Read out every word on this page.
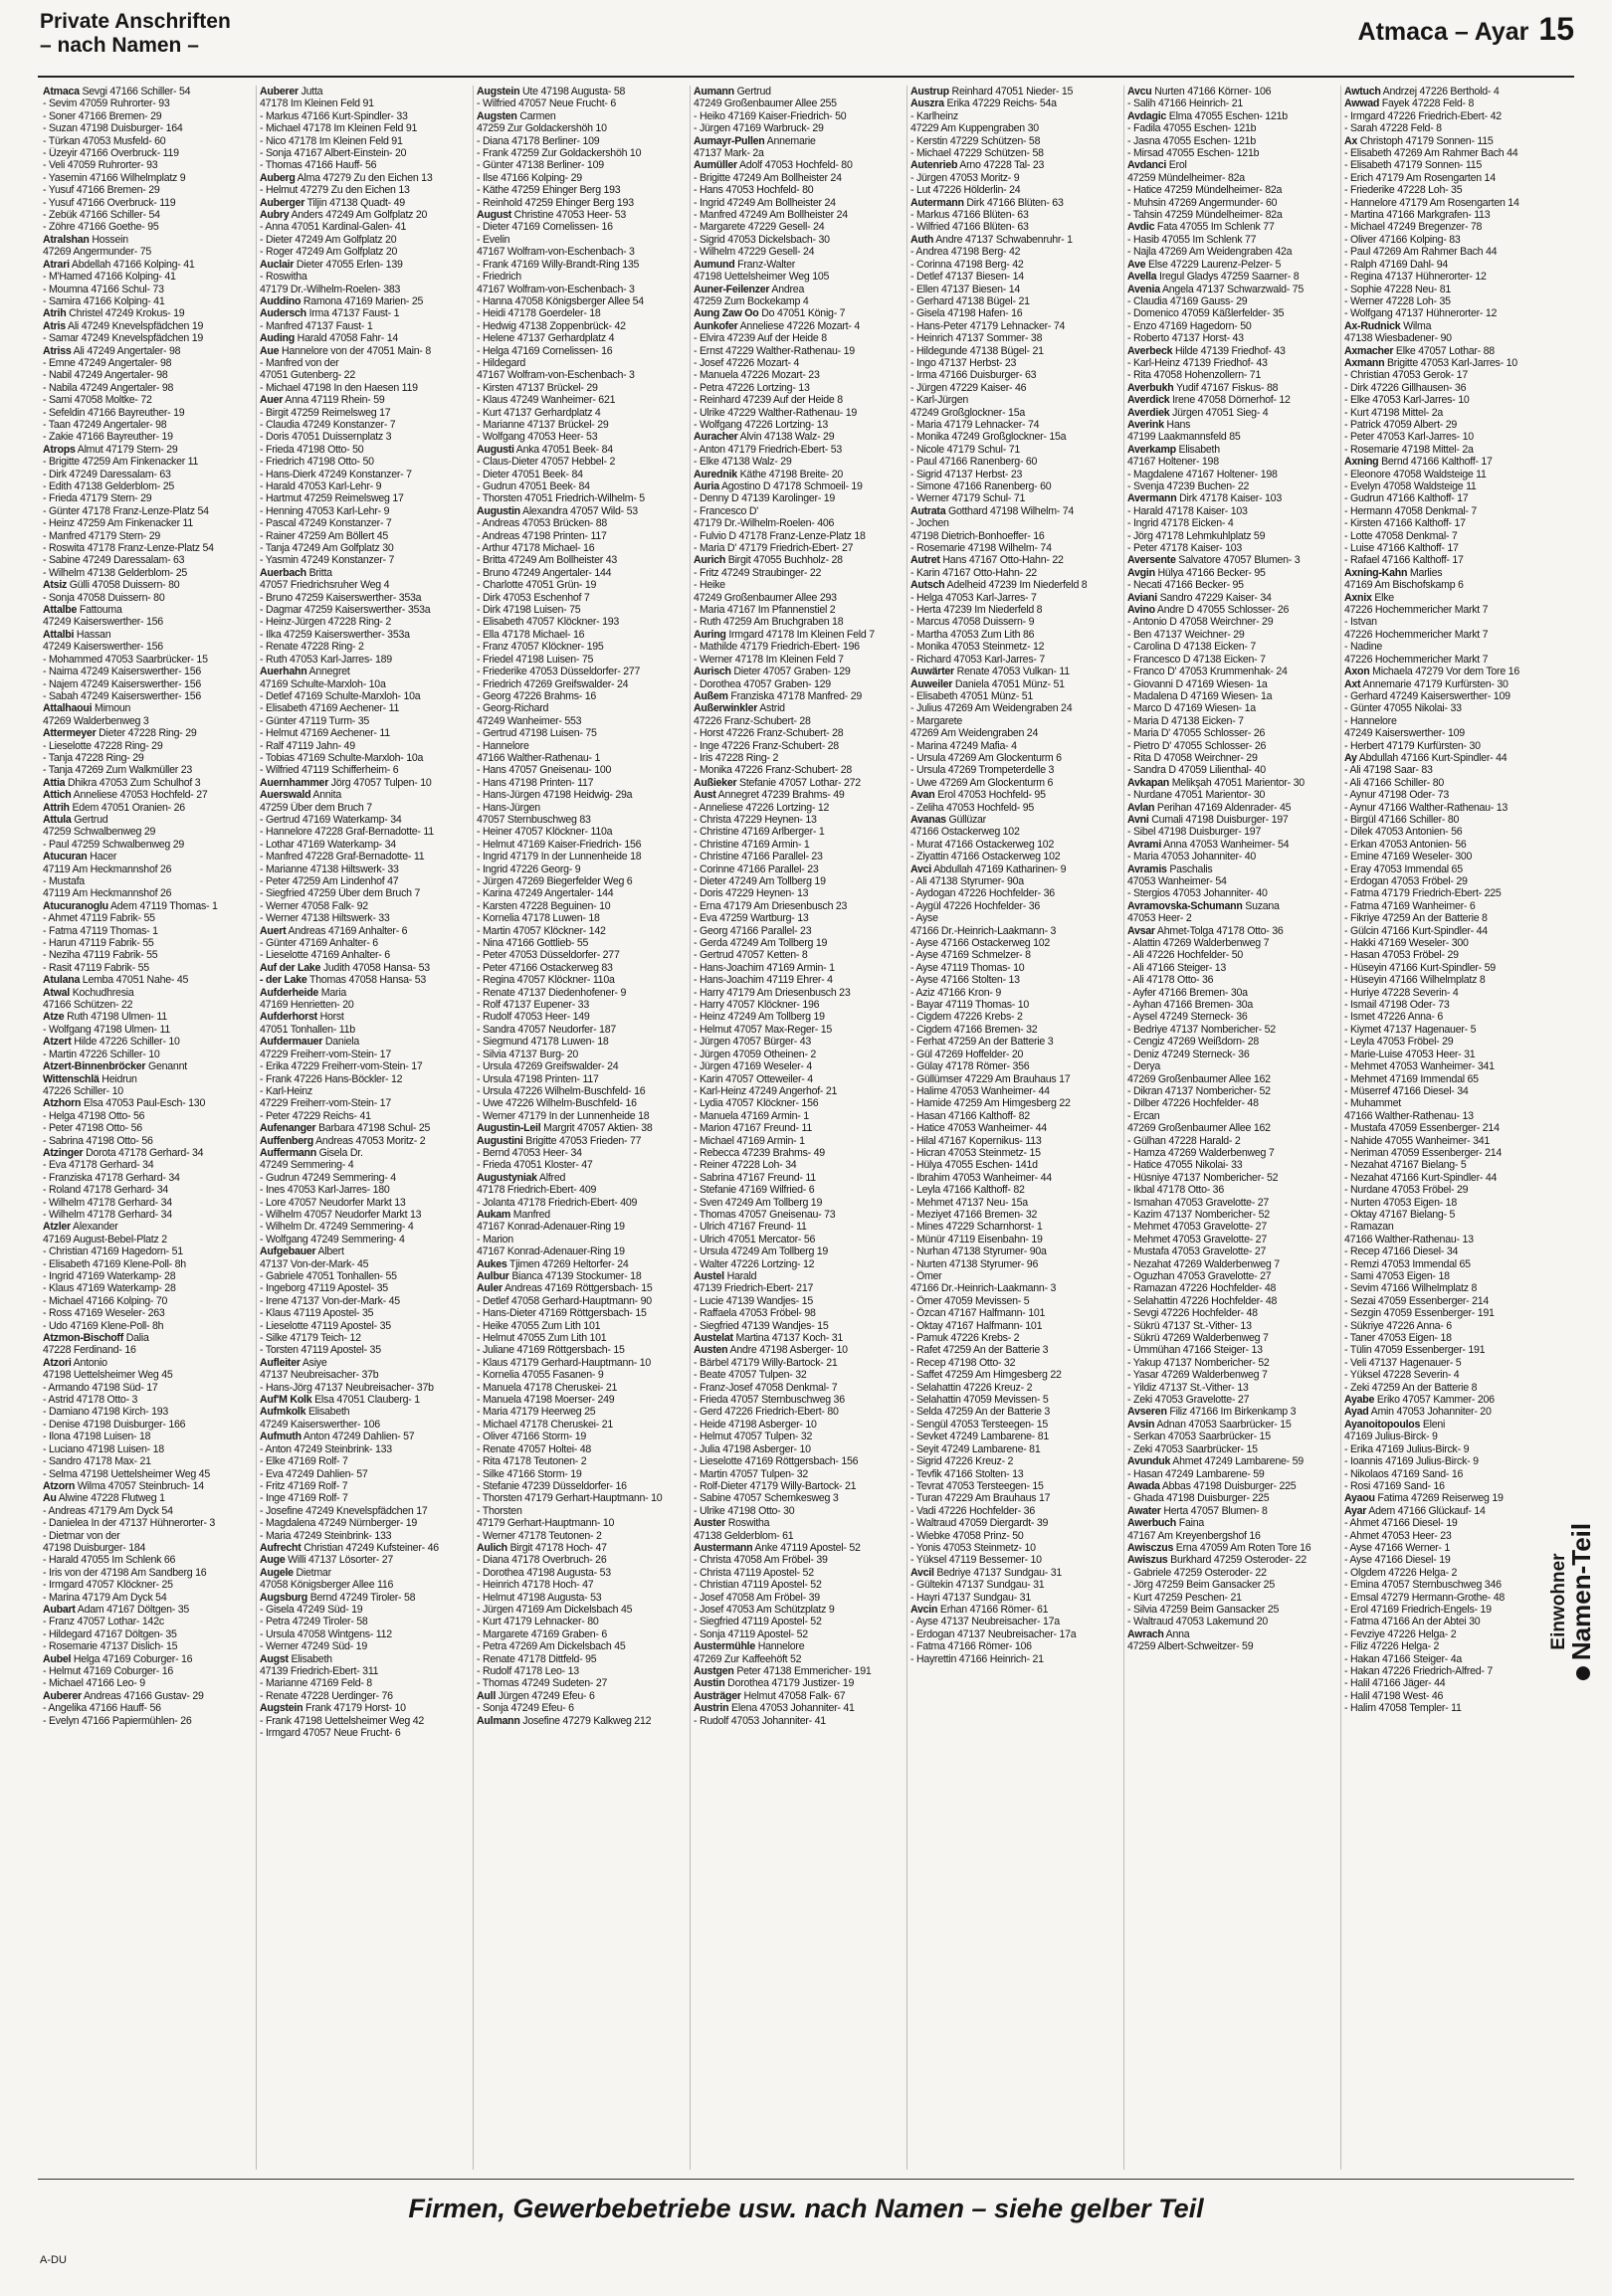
Private Anschriften
– nach Namen –	Atmaca – Ayar 15
Atmaca Sevgi 47166 Schiller- 54
- Sevim 47059 Ruhrorter- 93
- Soner 47166 Bremen- 29
- Suzan 47198 Duisburger- 164
- Türkan 47053 Musfeld- 60
- Üzeyir 47166 Overbruck- 119
- Veli 47059 Ruhrorter- 93
- Yasemin 47166 Wilhelmplatz 9
- Yusuf 47166 Bremen- 29
- Yusuf 47166 Overbruck- 119
- Zebük 47166 Schiller- 54
- Zöhre 47166 Goethe- 95
Atralshan Hossein
47269 Angermunder- 75
Atrari Abdellah 47166 Kolping- 41
- M'Hamed 47166 Kolping- 41
- Moumna 47166 Schul- 73
- Samira 47166 Kolping- 41
Atrih Christel 47249 Krokus- 19
Atris Ali 47249 Knevelspfädchen 19
- Samar 47249 Knevelspfädchen 19
Atriss Ali 47249 Angertaler- 98
- Emne 47249 Angertaler- 98
- Nabil 47249 Angertaler- 98
- Nabila 47249 Angertaler- 98
- Sami 47058 Moltke- 72
- Sefeldin 47166 Bayreuther- 19
- Taan 47249 Angertaler- 98
- Zakie 47166 Bayreuther- 19
Atrops Almut 47179 Stern- 29
- Brigitte 47259 Am Finkenacker 11
- Dirk 47249 Daressalam- 63
- Edith 47138 Gelderblom- 25
- Frieda 47179 Stern- 29
- Günter 47178 Franz-Lenze-Platz 54
- Heinz 47259 Am Finkenacker 11
- Manfred 47179 Stern- 29
- Roswita 47178 Franz-Lenze-Platz 54
- Sabine 47249 Daressalam- 63
- Wilhelm 47138 Gelderblom- 25
Atsiz Gülli 47058 Duissern- 80
- Sonja 47058 Duissern- 80
Attalbe Fattouma
47249 Kaiserswerther- 156
Attalbi Hassan
47249 Kaiserswerther- 156
- Mohammed 47053 Saarbrücker- 15
- Naima 47249 Kaiserswerther- 156
- Najem 47249 Kaiserswerther- 156
- Sabah 47249 Kaiserswerther- 156
Attalhaoui Mimoun
47269 Walderbenweg 3
Attermeyer Dieter 47228 Ring- 29
- Lieselotte 47228 Ring- 29
- Tanja 47228 Ring- 29
- Tanja 47269 Zum Walkmüller 23
Attia Dhikra 47053 Zum Schulhof 3
Attich Anneliese 47053 Hochfeld- 27
Attrih Edem 47051 Oranien- 26
Attula Gertrud
47259 Schwalbenweg 29
- Paul 47259 Schwalbenweg 29
Atucuran Hacer
47119 Am Heckmannshof 26
- Mustafa
47119 Am Heckmannshof 26
Atucuranoglu Adem 47119 Thomas- 1
- Ahmet 47119 Fabrik- 55
- Fatma 47119 Thomas- 1
- Harun 47119 Fabrik- 55
- Neziha 47119 Fabrik- 55
- Rasit 47119 Fabrik- 55
Atulana Lemba 47051 Nahe- 45
Atwal Kochudhresia
47166 Schützen- 22
Atze Ruth 47198 Ulmen- 11
- Wolfgang 47198 Ulmen- 11
Atzert Hilde 47226 Schiller- 10
- Martin 47226 Schiller- 10
Atzert-Binnenbröcker Genannt
Wittenschlä Heidrun
47226 Schiller- 10
Atzhorn Elsa 47053 Paul-Esch- 130
- Helga 47198 Otto- 56
- Peter 47198 Otto- 56
- Sabrina 47198 Otto- 56
Atzinger Dorota 47178 Gerhard- 34
- Eva 47178 Gerhard- 34
- Franziska 47178 Gerhard- 34
- Roland 47178 Gerhard- 34
- Wilhelm 47178 Gerhard- 34
- Wilhelm 47178 Gerhard- 34
Atzler Alexander
47169 August-Bebel-Platz 2
- Christian 47169 Hagedorn- 51
- Elisabeth 47169 Klene-Poll- 8h
- Ingrid 47169 Waterkamp- 28
- Klaus 47169 Waterkamp- 28
- Michael 47166 Kolping- 70
- Ross 47169 Weseler- 263
- Udo 47169 Klene-Poll- 8h
Atzmon-Bischoff Dalia
47228 Ferdinand- 16
Atzori Antonio
47198 Uettelsheimer Weg 45
- Armando 47198 Süd- 17
- Astrid 47178 Otto- 3
- Damiano 47198 Kirch- 193
- Denise 47198 Duisburger- 166
- Ilona 47198 Luisen- 18
- Luciano 47198 Luisen- 18
- Sandro 47178 Max- 21
- Selma 47198 Uettelsheimer Weg 45
Atzorn Wilma 47057 Steinbruch- 14
Au Alwine 47228 Flutweg 1
- Andreas 47179 Am Dyck 54
- Danielea In der 47137 Hühnerorter- 3
- Dietmar von der
47198 Duisburger- 184
- Harald 47055 Im Schlenk 66
- Iris von der 47198 Am Sandberg 16
- Irmgard 47057 Klöckner- 25
- Marina 47179 Am Dyck 54
Aubart Adam 47167 Döltgen- 35
- Franz 47057 Lothar- 142c
- Hildegard 47167 Döltgen- 35
- Rosemarie 47137 Dislich- 15
Aubel Helga 47169 Coburger- 16
- Helmut 47169 Coburger- 16
- Michael 47166 Leo- 9
Auberer Andreas 47166 Gustav- 29
- Angelika 47166 Hauff- 56
- Evelyn 47166 Papiermühlen- 26
Auberer Jutta
47178 Im Kleinen Feld 91
- Markus 47166 Kurt-Spindler- 33
- Michael 47178 Im Kleinen Feld 91
- Nico 47178 Im Kleinen Feld 91
- Sonja 47167 Albert-Einstein- 20
- Thomas 47166 Hauff- 56
Auberg Alma 47279 Zu den Eichen 13
- Helmut 47279 Zu den Eichen 13
Auberger Tiljin 47138 Quadt- 49
Aubry Anders 47249 Am Golfplatz 20
- Anna 47051 Kardinal-Galen- 41
- Dieter 47249 Am Golfplatz 20
- Roger 47249 Am Golfplatz 20
Auclair Dieter 47055 Erlen- 139
- Roswitha
47179 Dr.-Wilhelm-Roelen- 383
Auddino Ramona 47169 Marien- 25
Audersch Irma 47137 Faust- 1
- Manfred 47137 Faust- 1
Auding Harald 47058 Fahr- 14
Aue Hannelore von der 47051 Main- 8
- Manfred von der
47051 Gutenberg- 22
- Michael 47198 In den Haesen 119
Auer Anna 47119 Rhein- 59
- Birgit 47259 Reimelsweg 17
- Claudia 47249 Konstanzer- 7
- Doris 47051 Duissernplatz 3
- Frieda 47198 Otto- 50
- Friedrich 47198 Otto- 50
- Hans-Dierk 47249 Konstanzer- 7
- Harald 47053 Karl-Lehr- 9
- Hartmut 47259 Reimelsweg 17
- Henning 47053 Karl-Lehr- 9
- Pascal 47249 Konstanzer- 7
- Rainer 47259 Am Böllert 45
- Tanja 47249 Am Golfplatz 30
- Yasmin 47249 Konstanzer- 7
Auerbach Britta
47057 Friedrichsruher Weg 4
- Bruno 47259 Kaiserswerther- 353a
- Dagmar 47259 Kaiserswerther- 353a
- Heinz-Jürgen 47228 Ring- 2
- Ilka 47259 Kaiserswerther- 353a
- Renate 47228 Ring- 2
- Ruth 47053 Karl-Jarres- 189
Auerhahn Annegret
47169 Schulte-Marxloh- 10a
- Detlef 47169 Schulte-Marxloh- 10a
- Elisabeth 47169 Aechener- 11
- Günter 47119 Turm- 35
- Helmut 47169 Aechener- 11
- Ralf 47119 Jahn- 49
- Tobias 47169 Schulte-Marxloh- 10a
- Wilfried 47119 Schifferheim- 6
Auernhammer Jörg 47057 Tulpen- 10
Auerswald Annita
47259 Über dem Bruch 7
- Gertrud 47169 Waterkamp- 34
- Hannelore 47228 Graf-Bernadotte- 11
- Lothar 47169 Waterkamp- 34
- Manfred 47228 Graf-Bernadotte- 11
- Marianne 47138 Hiltswerk- 33
- Peter 47259 Am Lindenhof 47
- Siegfried 47259 Über dem Bruch 7
- Werner 47058 Falk- 92
- Werner 47138 Hiltswerk- 33
Auert Andreas 47169 Anhalter- 6
- Günter 47169 Anhalter- 6
- Lieselotte 47169 Anhalter- 6
Auf der Lake Judith 47058 Hansa- 53
- der Lake Thomas 47058 Hansa- 53
Aufderheide Maria
47169 Henrietten- 20
Aufderhorst Horst
47051 Tonhallen- 11b
Aufdermauer Daniela
47229 Freiherr-vom-Stein- 17
- Erika 47229 Freiherr-vom-Stein- 17
- Frank 47226 Hans-Böckler- 12
- Karl-Heinz
47229 Freiherr-vom-Stein- 17
- Peter 47229 Reichs- 41
Aufenanger Barbara 47198 Schul- 25
Auffenberg Andreas 47053 Moritz- 2
Auffermann Gisela Dr.
47249 Semmering- 4
- Gudrun 47249 Semmering- 4
- Ines 47053 Karl-Jarres- 180
- Lore 47057 Neudorfer Markt 13
- Wilhelm 47057 Neudorfer Markt 13
- Wilhelm Dr. 47249 Semmering- 4
- Wolfgang 47249 Semmering- 4
Aufgebauer Albert
47137 Von-der-Mark- 45
- Gabriele 47051 Tonhallen- 55
- Ingeborg 47119 Apostel- 35
- Irene 47137 Von-der-Mark- 45
- Klaus 47119 Apostel- 35
- Lieselotte 47119 Apostel- 35
- Silke 47179 Teich- 12
- Torsten 47119 Apostel- 35
Aufleiter Asiye
47137 Neubreisacher- 37b
- Hans-Jörg 47137 Neubreisacher- 37b
Auf'M Kolk Elsa 47051 Clauberg- 1
Aufmkolk Elisabeth
47249 Kaiserswerther- 106
Aufmuth Anton 47249 Dahlien- 57
- Anton 47249 Steinbrink- 133
- Elke 47169 Rolf- 7
- Eva 47249 Dahlien- 57
- Fritz 47169 Rolf- 7
- Inge 47169 Rolf- 7
- Josefine 47249 Knevelspfädchen 17
- Magdalena 47249 Nürnberger- 19
- Maria 47249 Steinbrink- 133
Aufrecht Christian 47249 Kufsteiner- 46
Auge Willi 47137 Lösorter- 27
Augele Dietmar
47058 Königsberger Allee 116
Augsburg Bernd 47249 Tiroler- 58
- Gisela 47249 Süd- 19
- Petra 47249 Tiroler- 58
- Ursula 47058 Wintgens- 112
- Werner 47249 Süd- 19
Augst Elisabeth
47139 Friedrich-Ebert- 311
- Marianne 47169 Feld- 8
- Renate 47228 Uerdinger- 76
Augstein Frank 47179 Horst- 10
- Frank 47198 Uettelsheimer Weg 42
- Irmgard 47057 Neue Frucht- 6
Augstein Ute 47198 Augusta- 58
- Wilfried 47057 Neue Frucht- 6
Augsten Carmen
47259 Zur Goldackershöh 10
- Diana 47178 Berliner- 109
- Frank 47259 Zur Goldackershöh 10
- Günter 47138 Berliner- 109
- Ilse 47166 Kolping- 29
- Käthe 47259 Ehinger Berg 193
- Reinhold 47259 Ehinger Berg 193
August Christine 47053 Heer- 53
- Dieter 47169 Cornelissen- 16
- Evelin
47167 Wolfram-von-Eschenbach- 3
- Frank 47169 Willy-Brandt-Ring 135
- Friedrich
47167 Wolfram-von-Eschenbach- 3
- Hanna 47058 Königsberger Allee 54
- Heidi 47178 Goerdeler- 18
- Hedwig 47138 Zoppenbrück- 42
- Helene 47137 Gerhardplatz 4
- Helga 47169 Cornelissen- 16
- Hildegard
47167 Wolfram-von-Eschenbach- 3
- Kirsten 47137 Brückel- 29
- Klaus 47249 Wanheimer- 621
- Kurt 47137 Gerhardplatz 4
- Marianne 47137 Brückel- 29
- Wolfgang 47053 Heer- 53
Augusti Anka 47051 Beek- 84
- Claus-Dieter 47057 Hebbel- 2
- Dieter 47051 Beek- 84
- Gudrun 47051 Beek- 84
- Thorsten 47051 Friedrich-Wilhelm- 5
Augustin Alexandra 47057 Wild- 53
- Andreas 47053 Brücken- 88
- Andreas 47198 Printen- 117
- Arthur 47178 Michael- 16
- Britta 47249 Am Bollheister 43
- Bruno 47249 Angertaler- 144
- Charlotte 47051 Grün- 19
- Dirk 47053 Eschenhof 7
- Dirk 47198 Luisen- 75
- Elisabeth 47057 Klöckner- 193
- Ella 47178 Michael- 16
- Franz 47057 Klöckner- 195
- Friedel 47198 Luisen- 75
- Friederike 47053 Düsseldorfer- 277
- Friedrich 47269 Greifswalder- 24
- Georg 47226 Brahms- 16
- Georg-Richard
47249 Wanheimer- 553
- Gertrud 47198 Luisen- 75
- Hannelore
47166 Walther-Rathenau- 1
- Hans 47057 Gneisenau- 100
- Hans 47198 Printen- 117
- Hans-Jürgen 47198 Heidwig- 29a
- Hans-Jürgen
47057 Sternbuschweg 83
- Heiner 47057 Klöckner- 110a
- Helmut 47169 Kaiser-Friedrich- 156
- Ingrid 47179 In der Lunnenheide 18
- Ingrid 47226 Georg- 9
- Jürgen 47269 Biegerfelder Weg 6
- Karina 47249 Angertaler- 144
- Karsten 47228 Beguinen- 10
- Kornelia 47178 Luwen- 18
- Martin 47057 Klöckner- 142
- Nina 47166 Gottlieb- 55
- Peter 47053 Düsseldorfer- 277
- Peter 47166 Ostackerweg 83
- Regina 47057 Klöckner- 110a
- Renate 47137 Diedenhofener- 9
- Rolf 47137 Eupener- 33
- Rudolf 47053 Heer- 149
- Sandra 47057 Neudorfer- 187
- Siegmund 47178 Luwen- 18
- Silvia 47137 Burg- 20
- Ursula 47269 Greifswalder- 24
- Ursula 47198 Printen- 117
- Ursula 47226 Wilhelm-Buschfeld- 16
- Uwe 47226 Wilhelm-Buschfeld- 16
- Werner 47179 In der Lunnenheide 18
Augustin-Leil Margrit 47057 Aktien- 38
Augustini Brigitte 47053 Frieden- 77
- Bernd 47053 Heer- 34
- Frieda 47051 Kloster- 47
Augustyniak Alfred
47178 Friedrich-Ebert- 409
- Jolanta 47178 Friedrich-Ebert- 409
Aukam Manfred
47167 Konrad-Adenauer-Ring 19
- Marion
47167 Konrad-Adenauer-Ring 19
Aukes Tjimen 47269 Heltorfer- 24
Aulbur Bianca 47139 Stockumer- 18
Auler Andreas 47169 Röttgersbach- 15
- Detlef 47058 Gerhard-Hauptmann- 90
- Hans-Dieter 47169 Röttgersbach- 15
- Heike 47055 Zum Lith 101
- Helmut 47055 Zum Lith 101
- Juliane 47169 Röttgersbach- 15
- Klaus 47179 Gerhard-Hauptmann- 10
- Kornelia 47055 Fasanen- 9
- Manuela 47178 Cheruskei- 21
- Manuela 47198 Moerser- 249
- Maria 47179 Heerweg 25
- Michael 47178 Cheruskei- 21
- Oliver 47166 Storm- 19
- Renate 47057 Holtei- 48
- Rita 47178 Teutonen- 2
- Silke 47166 Storm- 19
- Stefanie 47239 Düsseldorfer- 16
- Thorsten 47179 Gerhart-Hauptmann- 10
- Thorsten
47179 Gerhart-Hauptmann- 10
- Werner 47178 Teutonen- 2
Aulich Birgit 47178 Hoch- 47
- Diana 47178 Overbruch- 26
- Dorothea 47198 Augusta- 53
- Heinrich 47178 Hoch- 47
- Helmut 47198 Augusta- 53
- Jürgen 47169 Am Dickelsbach 45
- Kurt 47179 Lehnacker- 80
- Margarete 47169 Graben- 6
- Petra 47269 Am Dickelsbach 45
- Renate 47178 Dittfeld- 95
- Rudolf 47178 Leo- 13
- Thomas 47249 Sudeten- 27
Aull Jürgen 47249 Efeu- 6
- Sonja 47249 Efeu- 6
Aulmann Josefine 47279 Kalkweg 212
Aumann Gertrud
47249 Großenbaumer Allee 255
- Heiko 47169 Kaiser-Friedrich- 50
- Jürgen 47169 Warbruck- 29
Aumayr-Pullen Annemarie
47137 Mark- 2a
Aumüller Adolf 47053 Hochfeld- 80
- Brigitte 47249 Am Bollheister 24
- Hans 47053 Hochfeld- 80
- Ingrid 47249 Am Bollheister 24
- Manfred 47249 Am Bollheister 24
- Margarete 47229 Gesell- 24
- Sigrid 47053 Dickelsbach- 30
- Wilhelm 47229 Gesell- 24
Aumund Franz-Walter
47198 Uettelsheimer Weg 105
Auner-Feilenzer Andrea
47259 Zum Bockekamp 4
Aung Zaw Oo Do 47051 König- 7
Aunkofer Anneliese 47226 Mozart- 4
- Elvira 47239 Auf der Heide 8
- Ernst 47229 Walther-Rathenau- 19
- Josef 47226 Mozart- 4
- Manuela 47226 Mozart- 23
- Petra 47226 Lortzing- 13
- Reinhard 47239 Auf der Heide 8
- Ulrike 47229 Walther-Rathenau- 19
- Wolfgang 47226 Lortzing- 13
Auracher Alvin 47138 Walz- 29
- Anton 47179 Friedrich-Ebert- 53
- Elke 47138 Walz- 29
Aurednik Käthe 47198 Breite- 20
Auria Agostino D 47178 Schmoeil- 19
- Denny D 47139 Karolinger- 19
- Francesco D'
47179 Dr.-Wilhelm-Roelen- 406
- Fulvio D 47178 Franz-Lenze-Platz 18
- Maria D' 47179 Friedrich-Ebert- 27
Aurich Birgit 47055 Buchholz- 28
- Fritz 47249 Straubinger- 22
- Heike
47249 Großenbaumer Allee 293
- Maria 47167 Im Pfannenstiel 2
- Ruth 47259 Am Bruchgraben 18
Auring Irmgard 47178 Im Kleinen Feld 7
- Mathilde 47179 Friedrich-Ebert- 196
- Werner 47178 Im Kleinen Feld 7
Aurisch Dieter 47057 Graben- 129
- Dorothea 47057 Graben- 129
Außem Franziska 47178 Manfred- 29
Außerwinkler Astrid
47226 Franz-Schubert- 28
- Horst 47226 Franz-Schubert- 28
- Inge 47226 Franz-Schubert- 28
- Iris 47228 Ring- 2
- Monika 47226 Franz-Schubert- 28
Außieker Stefanie 47057 Lothar- 272
Aust Annegret 47239 Brahms- 49
- Anneliese 47226 Lortzing- 12
- Christa 47229 Heynen- 13
- Christine 47169 Arlberger- 1
- Christine 47169 Armin- 1
- Christine 47166 Parallel- 23
- Corinne 47166 Parallel- 23
- Dieter 47249 Am Tollberg 19
- Doris 47229 Heynen- 13
- Erna 47179 Am Driesenbusch 23
- Eva 47259 Wartburg- 13
- Georg 47166 Parallel- 23
- Gerda 47249 Am Tollberg 19
- Gertrud 47057 Ketten- 8
- Hans-Joachim 47169 Armin- 1
- Hans-Joachim 47119 Ehrer- 4
- Harry 47179 Am Driesenbusch 23
- Harry 47057 Klöckner- 196
- Heinz 47249 Am Tollberg 19
- Helmut 47057 Max-Reger- 15
- Jürgen 47057 Bürger- 43
- Jürgen 47059 Otheinen- 2
- Jürgen 47169 Weseler- 4
- Karin 47057 Otteweiler- 4
- Karl-Heinz 47249 Angerhof- 21
- Lydia 47057 Klöckner- 156
- Manuela 47169 Armin- 1
- Marion 47167 Freund- 11
- Michael 47169 Armin- 1
- Rebecca 47239 Brahms- 49
- Reiner 47228 Loh- 34
- Sabrina 47167 Freund- 11
- Stefanie 47169 Wilfried- 6
- Sven 47249 Am Tollberg 19
- Thomas 47057 Gneisenau- 73
- Ulrich 47167 Freund- 11
- Ulrich 47051 Mercator- 56
- Ursula 47249 Am Tollberg 19
- Walter 47226 Lortzing- 12
Austel Harald
47139 Friedrich-Ebert- 217
- Lucie 47139 Wandjes- 15
- Raffaela 47053 Fröbel- 98
- Siegfried 47139 Wandjes- 15
Austelat Martina 47137 Koch- 31
Austen Andre 47198 Asberger- 10
- Bärbel 47179 Willy-Bartock- 21
- Beate 47057 Tulpen- 32
- Franz-Josef 47058 Denkmal- 7
- Frieda 47057 Sternbuschweg 36
- Gerd 47226 Friedrich-Ebert- 80
- Heide 47198 Asberger- 10
- Helmut 47057 Tulpen- 32
- Julia 47198 Asberger- 10
- Lieselotte 47169 Röttgersbach- 156
- Martin 47057 Tulpen- 32
- Rolf-Dieter 47179 Willy-Bartock- 21
- Sabine 47057 Schemkesweg 3
- Ulrike 47198 Otto- 30
Auster Roswitha
47138 Gelderblom- 61
Austermann Anke 47119 Apostel- 52
- Christa 47058 Am Fröbel- 39
- Christa 47119 Apostel- 52
- Christian 47119 Apostel- 52
- Josef 47058 Am Fröbel- 39
- Josef 47053 Am Schützplatz 9
- Siegfried 47119 Apostel- 52
- Sonja 47119 Apostel- 52
Austermühle Hannelore
47269 Zur Kaffeehöft 52
Austgen Peter 47138 Emmericher- 191
Austin Dorothea 47179 Justizer- 19
Austräger Helmut 47058 Falk- 67
Austrin Elena 47053 Johanniter- 41
- Rudolf 47053 Johanniter- 41
Austrup Reinhard 47051 Nieder- 15
Auszra Erika 47229 Reichs- 54a
- Karlheinz
47229 Am Kuppengraben 30
- Kerstin 47229 Schützen- 58
- Michael 47229 Schützen- 58
Autenrieb Arno 47228 Tal- 23
- Jürgen 47053 Moritz- 9
- Lut 47226 Hölderlin- 24
Autermann Dirk 47166 Blüten- 63
- Markus 47166 Blüten- 63
- Wilfried 47166 Blüten- 63
Auth Andre 47137 Schwabenruhr- 1
- Andrea 47198 Berg- 42
- Corinna 47198 Berg- 42
- Detlef 47137 Biesen- 14
- Ellen 47137 Biesen- 14
- Gerhard 47138 Bügel- 21
- Gisela 47198 Hafen- 16
- Hans-Peter 47179 Lehnacker- 74
- Heinrich 47137 Sommer- 38
- Hildegunde 47138 Bügel- 21
- Ingo 47137 Herbst- 23
- Irma 47166 Duisburger- 63
- Jürgen 47229 Kaiser- 46
- Karl-Jürgen
47249 Großglockner- 15a
- Maria 47179 Lehnacker- 74
- Monika 47249 Großglockner- 15a
- Nicole 47179 Schul- 71
- Paul 47166 Ranenberg- 60
- Sigrid 47137 Herbst- 23
- Simone 47166 Ranenberg- 60
- Werner 47179 Schul- 71
Autrata Gotthard 47198 Wilhelm- 74
- Jochen
47198 Dietrich-Bonhoeffer- 16
- Rosemarie 47198 Wilhelm- 74
Autret Hans 47167 Otto-Hahn- 22
- Karin 47167 Otto-Hahn- 22
Autsch Adelheid 47239 Im Niederfeld 8
- Helga 47053 Karl-Jarres- 7
- Herta 47239 Im Niederfeld 8
- Marcus 47058 Duissern- 9
- Martha 47053 Zum Lith 86
- Monika 47053 Steinmetz- 12
- Richard 47053 Karl-Jarres- 7
Auwärter Renate 47053 Vulkan- 11
Auweiler Daniela 47051 Münz- 51
- Elisabeth 47051 Münz- 51
- Julius 47269 Am Weidengraben 24
- Margarete
47269 Am Weidengraben 24
- Marina 47249 Mafia- 4
- Ursula 47269 Am Glockenturm 6
- Ursula 47269 Trompeterdelle 3
- Uwe 47269 Am Glockenturm 6
Avan Erol 47053 Hochfeld- 95
- Zeliha 47053 Hochfeld- 95
Avanas Güllüzar
47166 Ostackerweg 102
- Murat 47166 Ostackerweg 102
- Ziyattin 47166 Ostackerweg 102
Avci Abdullah 47169 Katharinen- 9
- Ali 47138 Styrumer- 90a
- Aydogan 47226 Hochfelder- 36
- Aygül 47226 Hochfelder- 36
- Ayse
47166 Dr.-Heinrich-Laakmann- 3
- Ayse 47166 Ostackerweg 102
- Ayse 47169 Schmelzer- 8
- Ayse 47119 Thomas- 10
- Ayse 47166 Stolten- 13
- Aziz 47166 Kron- 9
- Bayar 47119 Thomas- 10
- Cigdem 47226 Krebs- 2
- Cigdem 47166 Bremen- 32
- Ferhat 47259 An der Batterie 3
- Gül 47269 Hoffelder- 20
- Gülay 47178 Römer- 356
- Güllümser 47229 Am Brauhaus 17
- Halime 47053 Wanheimer- 44
- Hamide 47259 Am Himgesberg 22
- Hasan 47166 Kalthoff- 82
- Hatice 47053 Wanheimer- 44
- Hilal 47167 Kopernikus- 113
- Hicran 47053 Steinmetz- 15
- Hülya 47055 Eschen- 141d
- Ibrahim 47053 Wanheimer- 44
- Leyla 47166 Kalthoff- 82
- Mehmet 47137 Neu- 15a
- Meziyet 47166 Bremen- 32
- Mines 47229 Scharnhorst- 1
- Münür 47119 Eisenbahn- 19
- Nurhan 47138 Styrumer- 90a
- Nurten 47138 Styrumer- 96
- Ömer
47166 Dr.-Heinrich-Laakmann- 3
- Ömer 47059 Mevissen- 5
- Özcan 47167 Halfmann- 101
- Oktay 47167 Halfmann- 101
- Pamuk 47226 Krebs- 2
- Rafet 47259 An der Batterie 3
- Recep 47198 Otto- 32
- Saffet 47259 Am Himgesberg 22
- Selahattin 47226 Kreuz- 2
- Selahattin 47059 Mevissen- 5
- Selda 47259 An der Batterie 3
- Sengül 47053 Tersteegen- 15
- Sevket 47249 Lambarene- 81
- Seyit 47249 Lambarene- 81
- Sigrid 47226 Kreuz- 2
- Tevfik 47166 Stolten- 13
- Tevrat 47053 Tersteegen- 15
- Turan 47229 Am Brauhaus 17
- Vadi 47226 Hochfelder- 36
- Waltraud 47059 Diergardt- 39
- Wiebke 47058 Prinz- 50
- Yonis 47053 Steinmetz- 10
- Yüksel 47119 Bessemer- 10
Avcil Bedriye 47137 Sundgau- 31
- Gültekin 47137 Sundgau- 31
- Hayri 47137 Sundgau- 31
Avcin Erhan 47166 Römer- 61
- Ayse 47137 Neubreisacher- 17a
- Erdogan 47137 Neubreisacher- 17a
- Fatma 47166 Römer- 106
- Hayrettin 47166 Heinrich- 21
Avcu Nurten 47166 Körner- 106
- Salih 47166 Heinrich- 21
Avdagic Elma 47055 Eschen- 121b
- Fadila 47055 Eschen- 121b
- Jasna 47055 Eschen- 121b
- Mirsad 47055 Eschen- 121b
Avdanci Erol
47259 Mündelheimer- 82a
- Hatice 47259 Mündelheimer- 82a
- Muhsin 47269 Angermunder- 60
- Tahsin 47259 Mündelheimer- 82a
Avdic Fata 47055 Im Schlenk 77
- Hasib 47055 Im Schlenk 77
- Najla 47269 Am Weidengraben 42a
Ave Else 47229 Laurenz-Pelzer- 5
Avella Iregul Gladys 47259 Saarner- 8
Avenia Angela 47137 Schwarzwald- 75
- Claudia 47169 Gauss- 29
- Domenico 47059 Käßlerfelder- 35
- Enzo 47169 Hagedorn- 50
- Roberto 47137 Horst- 43
Averbeck Hilde 47139 Friedhof- 43
- Karl-Heinz 47139 Friedhof- 43
- Rita 47058 Hohenzollern- 71
Averbukh Yudif 47167 Fiskus- 88
Averdick Irene 47058 Dörnerhof- 12
Averdiek Jürgen 47051 Sieg- 4
Averink Hans
47199 Laakmannsfeld 85
Averkamp Elisabeth
47167 Holtener- 198
- Magdalene 47167 Holtener- 198
- Svenja 47239 Buchen- 22
Avermann Dirk 47178 Kaiser- 103
- Harald 47178 Kaiser- 103
- Ingrid 47178 Eicken- 4
- Jörg 47178 Lehmkuhlplatz 59
- Peter 47178 Kaiser- 103
Aversente Salvatore 47057 Blumen- 3
Avgin Hülya 47166 Becker- 95
- Necati 47166 Becker- 95
Aviani Sandro 47229 Kaiser- 34
Avino Andre D 47055 Schlosser- 26
- Antonio D 47058 Weirchner- 29
- Ben 47137 Weichner- 29
- Carolina D 47138 Eicken- 7
- Francesco D 47138 Eicken- 7
- Franco D' 47053 Krummenhak- 24
- Giovanni D 47169 Wiesen- 1a
- Madalena D 47169 Wiesen- 1a
- Marco D 47169 Wiesen- 1a
- Maria D 47138 Eicken- 7
- Maria D' 47055 Schlosser- 26
- Pietro D' 47055 Schlosser- 26
- Rita D 47058 Weirchner- 29
- Sandra D 47059 Lilienthal- 40
Avkapan Melikşah 47051 Marientor- 30
- Nurdane 47051 Marientor- 30
Avlan Perihan 47169 Aldenrader- 45
Avni Cumali 47198 Duisburger- 197
- Sibel 47198 Duisburger- 197
Avrami Anna 47053 Wanheimer- 54
- Maria 47053 Johanniter- 40
Avramis Paschalis
47053 Wanheimer- 54
- Stergios 47053 Johanniter- 40
Avramovska-Schumann Suzana
47053 Heer- 2
Avsar Ahmet-Tolga 47178 Otto- 36
- Alattin 47269 Walderbenweg 7
- Ali 47226 Hochfelder- 50
- Ali 47166 Steiger- 13
- Ali 47178 Otto- 36
- Ayfer 47166 Bremen- 30a
- Ayhan 47166 Bremen- 30a
- Aysel 47249 Sterneck- 36
- Bedriye 47137 Nombericher- 52
- Cengiz 47269 Weißdorn- 28
- Deniz 47249 Sterneck- 36
- Derya
47269 Großenbaumer Allee 162
- Dikran 47137 Nombericher- 52
- Dilber 47226 Hochfelder- 48
- Ercan
47269 Großenbaumer Allee 162
- Gülhan 47228 Harald- 2
- Hamza 47269 Walderbenweg 7
- Hatice 47055 Nikolai- 33
- Hüsniye 47137 Nombericher- 52
- Ikbal 47178 Otto- 36
- Ismahan 47053 Gravelotte- 27
- Kazim 47137 Nombericher- 52
- Mehmet 47053 Gravelotte- 27
- Mehmet 47053 Gravelotte- 27
- Mustafa 47053 Gravelotte- 27
- Nezahat 47269 Walderbenweg 7
- Oguzhan 47053 Gravelotte- 27
- Ramazan 47226 Hochfelder- 48
- Selahattin 47226 Hochfelder- 48
- Sevgi 47226 Hochfelder- 48
- Sükrü 47137 St.-Vither- 13
- Sükrü 47269 Walderbenweg 7
- Ümmühan 47166 Steiger- 13
- Yakup 47137 Nombericher- 52
- Yasar 47269 Walderbenweg 7
- Yildiz 47137 St.-Vither- 13
- Zeki 47053 Gravelotte- 27
Avseren Filiz 47166 Im Birkenkamp 3
Avsin Adnan 47053 Saarbrücker- 15
- Serkan 47053 Saarbrücker- 15
- Zeki 47053 Saarbrücker- 15
Avunduk Ahmet 47249 Lambarene- 59
- Hasan 47249 Lambarene- 59
Awada Abbas 47198 Duisburger- 225
- Ghada 47198 Duisburger- 225
Awater Herta 47057 Blumen- 8
Awerbuch Faina
47167 Am Kreyenbergshof 16
Awisczus Erna 47059 Am Roten Tore 16
Awiszus Burkhard 47259 Osteroder- 22
- Gabriele 47259 Osteroder- 22
- Jörg 47259 Beim Gansacker 25
- Kurt 47259 Peschen- 21
- Silvia 47259 Beim Gansacker 25
- Waltraud 47053 Lakemund 20
Awrach Anna
47259 Albert-Schweitzer- 59
Awtuch Andrzej 47226 Berthold- 4
Awwad Fayek 47228 Feld- 8
- Irmgard 47226 Friedrich-Ebert- 42
- Sarah 47228 Feld- 8
Ax Christoph 47179 Sonnen- 115
- Elisabeth 47269 Am Rahmer Bach 44
- Elisabeth 47179 Sonnen- 115
- Erich 47179 Am Rosengarten 14
- Friederike 47228 Loh- 35
- Hannelore 47179 Am Rosengarten 14
- Martina 47166 Markgrafen- 113
- Michael 47249 Bregenzer- 78
- Oliver 47166 Kolping- 83
- Paul 47269 Am Rahmer Bach 44
- Ralph 47169 Dahl- 94
- Regina 47137 Hühnerorter- 12
- Sophie 47228 Neu- 81
- Werner 47228 Loh- 35
- Wolfgang 47137 Hühnerorter- 12
Ax-Rudnick Wilma
47138 Wiesbadener- 90
Axmacher Elke 47057 Lothar- 88
Axmann Brigitte 47053 Karl-Jarres- 10
- Christian 47053 Gerok- 17
- Dirk 47226 Gillhausen- 36
- Elke 47053 Karl-Jarres- 10
- Kurt 47198 Mittel- 2a
- Patrick 47059 Albert- 29
- Peter 47053 Karl-Jarres- 10
- Rosemarie 47198 Mittel- 2a
Axning Bernd 47166 Kalthoff- 17
- Eleonore 47058 Waldsteige 11
- Evelyn 47058 Waldsteige 11
- Gudrun 47166 Kalthoff- 17
- Hermann 47058 Denkmal- 7
- Kirsten 47166 Kalthoff- 17
- Lotte 47058 Denkmal- 7
- Luise 47166 Kalthoff- 17
- Rafael 47166 Kalthoff- 17
Axning-Kahn Marlies
47169 Am Bischofskamp 6
Axnix Elke
47226 Hochemmericher Markt 7
- Istvan
47226 Hochemmericher Markt 7
- Nadine
47226 Hochemmericher Markt 7
Axon Michaela 47279 Vor dem Tore 16
Axt Annemarie 47179 Kurfürsten- 30
- Gerhard 47249 Kaiserswerther- 109
- Günter 47055 Nikolai- 33
- Hannelore
47249 Kaiserswerther- 109
- Herbert 47179 Kurfürsten- 30
Ay Abdullah 47166 Kurt-Spindler- 44
- Ali 47198 Saar- 83
- Ali 47166 Schiller- 80
- Aynur 47198 Oder- 73
- Aynur 47166 Walther-Rathenau- 13
- Birgül 47166 Schiller- 80
- Dilek 47053 Antonien- 56
- Erkan 47053 Antonien- 56
- Emine 47169 Weseler- 300
- Eray 47053 Immendal 65
- Erdogan 47053 Fröbel- 29
- Fatma 47179 Friedrich-Ebert- 225
- Fatma 47169 Wanheimer- 6
- Fikriye 47259 An der Batterie 8
- Gülcin 47166 Kurt-Spindler- 44
- Hakki 47169 Weseler- 300
- Hasan 47053 Fröbel- 29
- Hüseyin 47166 Kurt-Spindler- 59
- Hüseyin 47166 Wilhelmplatz 8
- Huriye 47228 Severin- 4
- Ismail 47198 Oder- 73
- Ismet 47226 Anna- 6
- Kiymet 47137 Hagenauer- 5
- Leyla 47053 Fröbel- 29
- Marie-Luise 47053 Heer- 31
- Mehmet 47053 Wanheimer- 341
- Mehmet 47169 Immendal 65
- Müserref 47166 Diesel- 34
- Muhammet
47166 Walther-Rathenau- 13
- Mustafa 47059 Essenberger- 214
- Nahide 47055 Wanheimer- 341
- Neriman 47059 Essenberger- 214
- Nezahat 47167 Bielang- 5
- Nezahat 47166 Kurt-Spindler- 44
- Nurdane 47053 Fröbel- 29
- Nurten 47053 Eigen- 18
- Oktay 47167 Bielang- 5
- Ramazan
47166 Walther-Rathenau- 13
- Recep 47166 Diesel- 34
- Remzi 47053 Immendal 65
- Sami 47053 Eigen- 18
- Sevim 47166 Wilhelmplatz 8
- Sezai 47059 Essenberger- 214
- Sezgin 47059 Essenberger- 191
- Sükriye 47226 Anna- 6
- Taner 47053 Eigen- 18
- Tülin 47059 Essenberger- 191
- Veli 47137 Hagenauer- 5
- Yüksel 47228 Severin- 4
- Zeki 47259 An der Batterie 8
Ayabe Eriko 47057 Kammer- 206
Ayad Amin 47053 Johanniter- 20
Ayanoitopoulos Eleni
47169 Julius-Birck- 9
- Erika 47169 Julius-Birck- 9
- Ioannis 47169 Julius-Birck- 9
- Nikolaos 47169 Sand- 16
- Rosi 47169 Sand- 16
Ayaou Fatima 47269 Reiserweg 19
Ayar Adem 47166 Glückauf- 14
- Ahmet 47166 Diesel- 19
- Ahmet 47053 Heer- 23
- Ayse 47166 Werner- 1
- Ayse 47166 Diesel- 19
- Olgdem 47226 Helga- 2
- Emina 47057 Sternbuschweg 346
- Emsal 47279 Hermann-Grothe- 48
- Erol 47169 Friedrich-Engels- 19
- Fatma 47166 An der Abtei 30
- Fevziye 47226 Helga- 2
- Filiz 47226 Helga- 2
- Hakan 47166 Steiger- 4a
- Hakan 47226 Friedrich-Alfred- 7
- Halil 47166 Jäger- 44
- Halil 47198 West- 46
- Halim 47058 Templer- 11
Einwohner
Namen-Teil
Firmen, Gewerbebetriebe usw. nach Namen – siehe gelber Teil
A-DU
